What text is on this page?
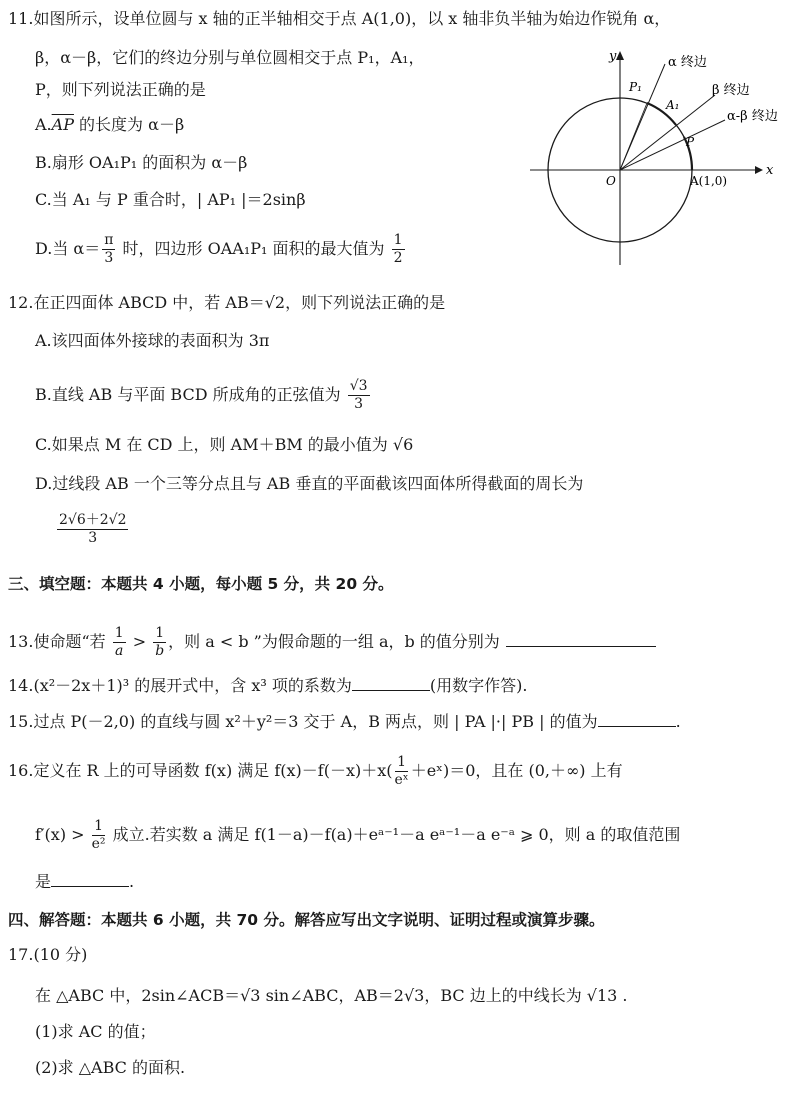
11.如图所示，设单位圆与 x 轴的正半轴相交于点 A(1,0)，以 x 轴非负半轴为始边作锐角 α，
β，α－β，它们的终边分别与单位圆相交于点 P₁，A₁，
P，则下列说法正确的是
$A.\overline{AP}$ 的长度为 α－β
B.扇形 OA₁P₁ 的面积为 α－β
C.当 A₁ 与 P 重合时，| AP₁ |＝2sinβ
D.当 $\alpha= \frac{\pi}{3}$ 时，四边形 OAA₁P₁ 面积的最大值为 $\frac{1}{2}$
y
x
O	A(1,0)
P₁
A₁
P
α 终边
β 终边
α-β 终边
12.在正四面体 ABCD 中，若 AB＝√2，则下列说法正确的是
A.该四面体外接球的表面积为 3π
B.直线 AB 与平面 BCD 所成角的正弦值为 $\frac{√3}{3}$
C.如果点 M 在 CD 上，则 AM＋BM 的最小值为 √6
D.过线段 AB 一个三等分点且与 AB 垂直的平面截该四面体所得截面的周长为
$\frac{2√6+2√2}{3}$
三、填空题：本题共 4 小题，每小题 5 分，共 20 分。
13.使命题“若 $\frac{1}{a} > \frac{1}{b}$ ，则 a < b ”为假命题的一组 a，b 的值分别为
14.(x²－2x＋1)³ 的展开式中，含 x³ 项的系数为	(用数字作答).
15.过点 P(－2,0) 的直线与圆 x²＋y²＝3 交于 A，B 两点，则 | PA |·| PB | 的值为	.
16.定义在 R 上的可导函数 f(x) 满足 $f(x)-f(-x)+x( \frac{1}{\text{eˣ}}$ ＋eˣ)＝0，且在 (0,＋∞) 上有
$f'(x) > \frac{1}{\text{e²}}$ 成立.若实数 a 满足 f(1－a)－f(a)＋eᵃ⁻¹－a eᵃ⁻¹－a e⁻ᵃ ⩾ 0，则 a 的取值范围
是	.
四、解答题：本题共 6 小题，共 70 分。解答应写出文字说明、证明过程或演算步骤。
17.(10 分)
在 △ABC 中，2sin∠ACB＝√3 sin∠ABC，AB＝2√3，BC 边上的中线长为 √13 .
(1)求 AC 的值；
(2)求 △ABC 的面积.
